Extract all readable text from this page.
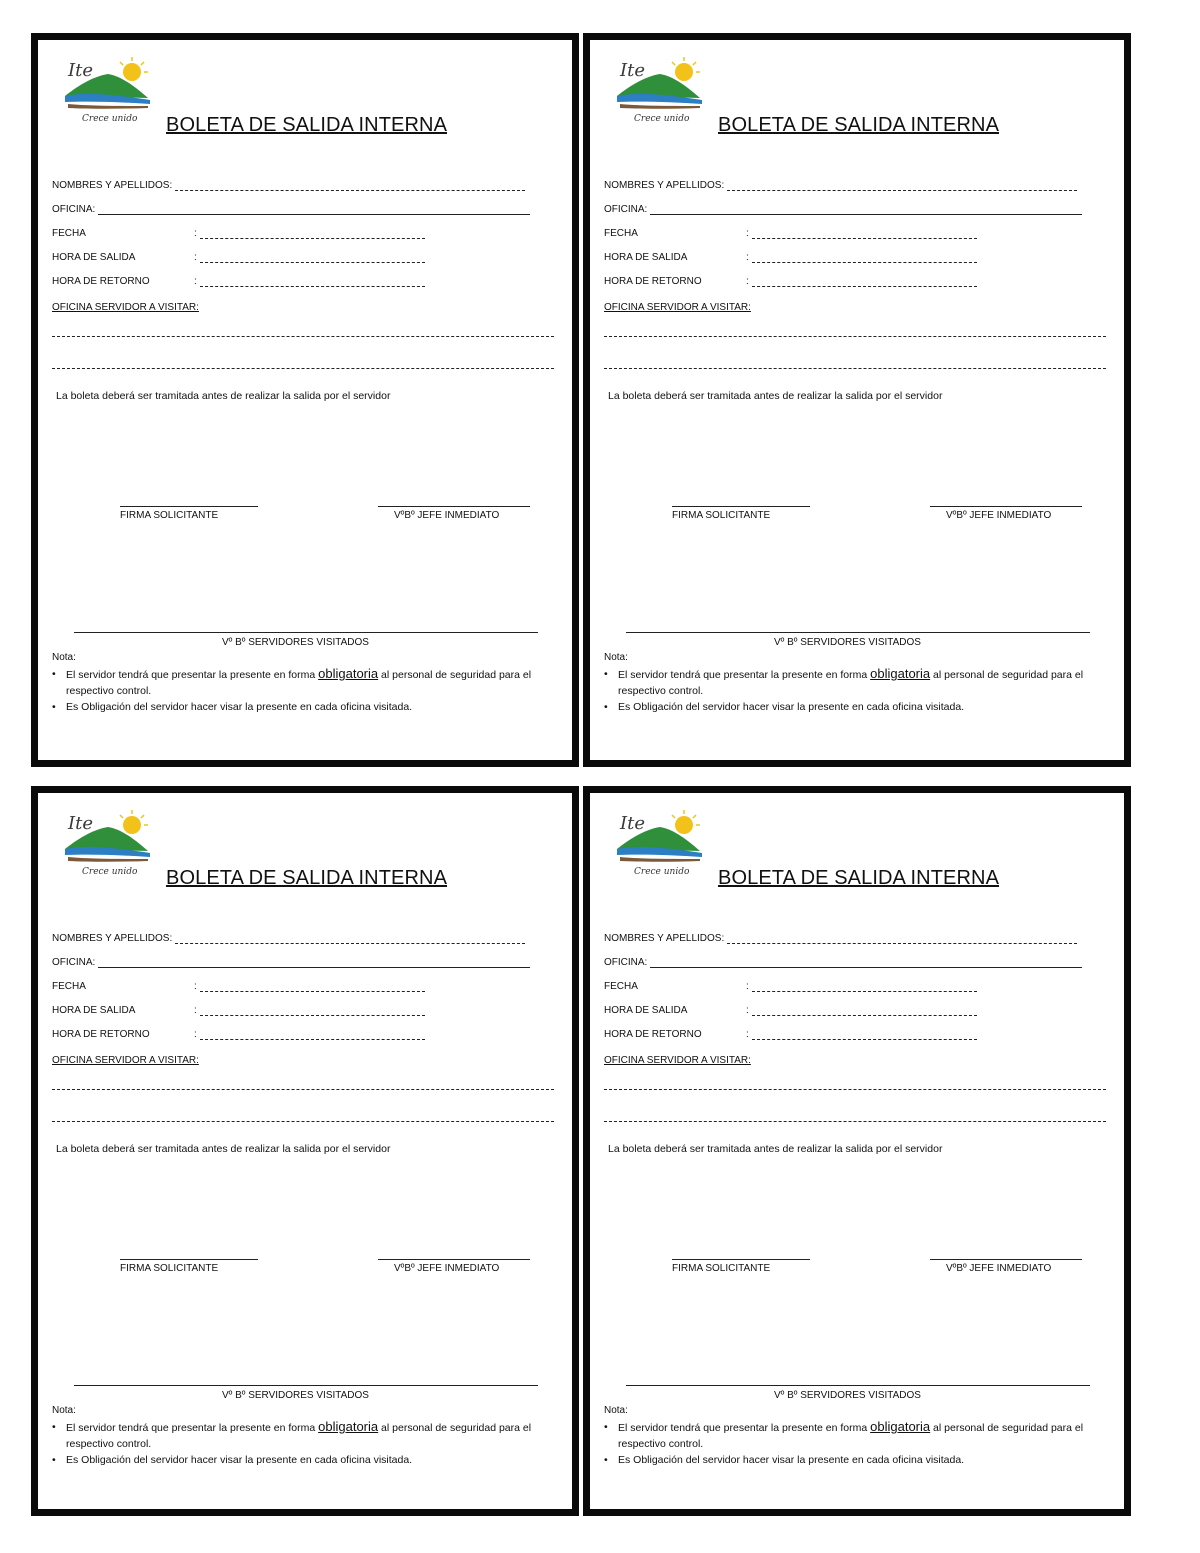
Ite
Crece unido BOLETA DE SALIDA INTERNA
NOMBRES Y APELLIDOS:
OFICINA:
FECHA	:
HORA DE SALIDA	:
HORA DE RETORNO	:
OFICINA SERVIDOR A VISITAR:
La boleta deberá ser tramitada antes de realizar la salida por el servidor
FIRMA SOLICITANTE	VºBº JEFE INMEDIATO
Vº Bº SERVIDORES VISITADOS
Nota:
• El servidor tendrá que presentar la presente en forma obligatoria al personal de seguridad para el respectivo control.
• Es Obligación del servidor hacer visar la presente en cada oficina visitada.
Ite
Crece unido BOLETA DE SALIDA INTERNA
NOMBRES Y APELLIDOS:
OFICINA:
FECHA	:
HORA DE SALIDA	:
HORA DE RETORNO	:
OFICINA SERVIDOR A VISITAR:
La boleta deberá ser tramitada antes de realizar la salida por el servidor
FIRMA SOLICITANTE	VºBº JEFE INMEDIATO
Vº Bº SERVIDORES VISITADOS
Nota:
• El servidor tendrá que presentar la presente en forma obligatoria al personal de seguridad para el respectivo control.
• Es Obligación del servidor hacer visar la presente en cada oficina visitada.
Ite
Crece unido BOLETA DE SALIDA INTERNA
NOMBRES Y APELLIDOS:
OFICINA:
FECHA	:
HORA DE SALIDA	:
HORA DE RETORNO	:
OFICINA SERVIDOR A VISITAR:
La boleta deberá ser tramitada antes de realizar la salida por el servidor
FIRMA SOLICITANTE	VºBº JEFE INMEDIATO
Vº Bº SERVIDORES VISITADOS
Nota:
• El servidor tendrá que presentar la presente en forma obligatoria al personal de seguridad para el respectivo control.
• Es Obligación del servidor hacer visar la presente en cada oficina visitada.
Ite
Crece unido BOLETA DE SALIDA INTERNA
NOMBRES Y APELLIDOS:
OFICINA:
FECHA	:
HORA DE SALIDA	:
HORA DE RETORNO	:
OFICINA SERVIDOR A VISITAR:
La boleta deberá ser tramitada antes de realizar la salida por el servidor
FIRMA SOLICITANTE	VºBº JEFE INMEDIATO
Vº Bº SERVIDORES VISITADOS
Nota:
• El servidor tendrá que presentar la presente en forma obligatoria al personal de seguridad para el respectivo control.
• Es Obligación del servidor hacer visar la presente en cada oficina visitada.
